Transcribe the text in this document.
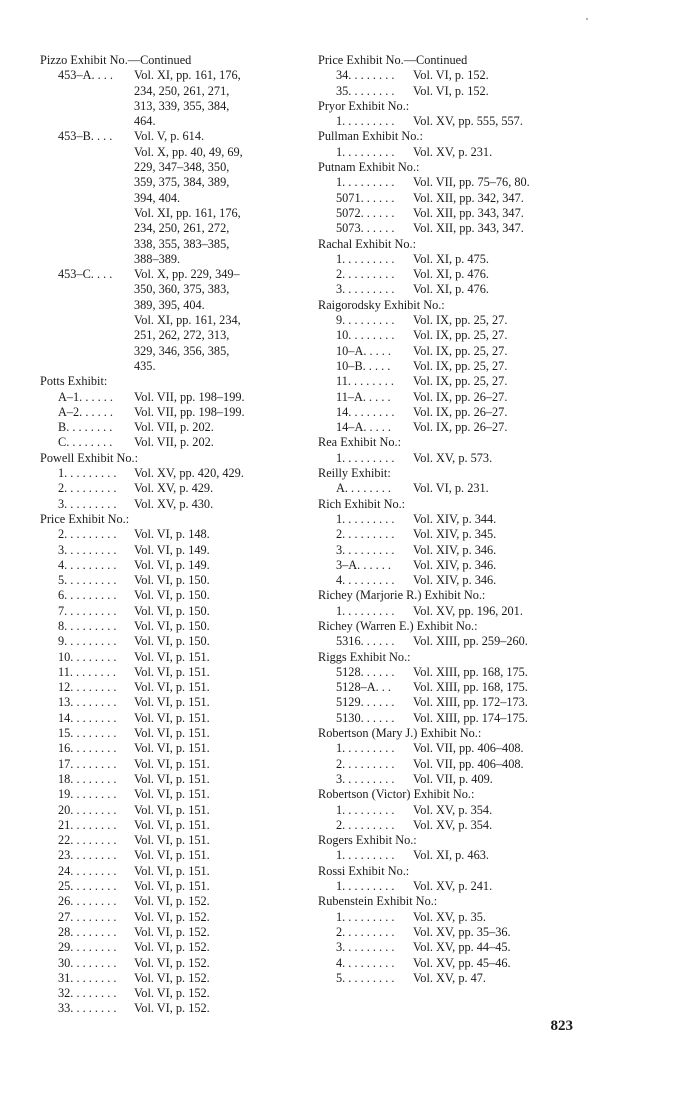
Pizzo Exhibit No.—Continued
453–A. . . .	Vol. XI, pp. 161, 176,
234, 250, 261, 271,
313, 339, 355, 384,
464.
453–B. . . .	Vol. V, p. 614.
Vol. X, pp. 40, 49, 69,
229, 347–348, 350,
359, 375, 384, 389,
394, 404.
Vol. XI, pp. 161, 176,
234, 250, 261, 272,
338, 355, 383–385,
388–389.
453–C. . . .	Vol. X, pp. 229, 349–
350, 360, 375, 383,
389, 395, 404.
Vol. XI, pp. 161, 234,
251, 262, 272, 313,
329, 346, 356, 385,
435.
Potts Exhibit:
A–1. . . . . .	Vol. VII, pp. 198–199.
A–2. . . . . .	Vol. VII, pp. 198–199.
B. . . . . . . .	Vol. VII, p. 202.
C. . . . . . . .	Vol. VII, p. 202.
Powell Exhibit No.:
1. . . . . . . . .	Vol. XV, pp. 420, 429.
2. . . . . . . . .	Vol. XV, p. 429.
3. . . . . . . . .	Vol. XV, p. 430.
Price Exhibit No.:
2. . . . . . . . .	Vol. VI, p. 148.
3. . . . . . . . .	Vol. VI, p. 149.
4. . . . . . . . .	Vol. VI, p. 149.
5. . . . . . . . .	Vol. VI, p. 150.
6. . . . . . . . .	Vol. VI, p. 150.
7. . . . . . . . .	Vol. VI, p. 150.
8. . . . . . . . .	Vol. VI, p. 150.
9. . . . . . . . .	Vol. VI, p. 150.
10. . . . . . . .	Vol. VI, p. 151.
11. . . . . . . .	Vol. VI, p. 151.
12. . . . . . . .	Vol. VI, p. 151.
13. . . . . . . .	Vol. VI, p. 151.
14. . . . . . . .	Vol. VI, p. 151.
15. . . . . . . .	Vol. VI, p. 151.
16. . . . . . . .	Vol. VI, p. 151.
17. . . . . . . .	Vol. VI, p. 151.
18. . . . . . . .	Vol. VI, p. 151.
19. . . . . . . .	Vol. VI, p. 151.
20. . . . . . . .	Vol. VI, p. 151.
21. . . . . . . .	Vol. VI, p. 151.
22. . . . . . . .	Vol. VI, p. 151.
23. . . . . . . .	Vol. VI, p. 151.
24. . . . . . . .	Vol. VI, p. 151.
25. . . . . . . .	Vol. VI, p. 151.
26. . . . . . . .	Vol. VI, p. 152.
27. . . . . . . .	Vol. VI, p. 152.
28. . . . . . . .	Vol. VI, p. 152.
29. . . . . . . .	Vol. VI, p. 152.
30. . . . . . . .	Vol. VI, p. 152.
31. . . . . . . .	Vol. VI, p. 152.
32. . . . . . . .	Vol. VI, p. 152.
33. . . . . . . .	Vol. VI, p. 152.
Price Exhibit No.—Continued
34. . . . . . . .	Vol. VI, p. 152.
35. . . . . . . .	Vol. VI, p. 152.
Pryor Exhibit No.:
1. . . . . . . . .	Vol. XV, pp. 555, 557.
Pullman Exhibit No.:
1. . . . . . . . .	Vol. XV, p. 231.
Putnam Exhibit No.:
1. . . . . . . . .	Vol. VII, pp. 75–76, 80.
5071. . . . . .	Vol. XII, pp. 342, 347.
5072. . . . . .	Vol. XII, pp. 343, 347.
5073. . . . . .	Vol. XII, pp. 343, 347.
Rachal Exhibit No.:
1. . . . . . . . .	Vol. XI, p. 475.
2. . . . . . . . .	Vol. XI, p. 476.
3. . . . . . . . .	Vol. XI, p. 476.
Raigorodsky Exhibit No.:
9. . . . . . . . .	Vol. IX, pp. 25, 27.
10. . . . . . . .	Vol. IX, pp. 25, 27.
10–A. . . . .	Vol. IX, pp. 25, 27.
10–B. . . . .	Vol. IX, pp. 25, 27.
11. . . . . . . .	Vol. IX, pp. 25, 27.
11–A. . . . .	Vol. IX, pp. 26–27.
14. . . . . . . .	Vol. IX, pp. 26–27.
14–A. . . . .	Vol. IX, pp. 26–27.
Rea Exhibit No.:
1. . . . . . . . .	Vol. XV, p. 573.
Reilly Exhibit:
A. . . . . . . .	Vol. VI, p. 231.
Rich Exhibit No.:
1. . . . . . . . .	Vol. XIV, p. 344.
2. . . . . . . . .	Vol. XIV, p. 345.
3. . . . . . . . .	Vol. XIV, p. 346.
3–A. . . . . .	Vol. XIV, p. 346.
4. . . . . . . . .	Vol. XIV, p. 346.
Richey (Marjorie R.) Exhibit No.:
1. . . . . . . . .	Vol. XV, pp. 196, 201.
Richey (Warren E.) Exhibit No.:
5316. . . . . .	Vol. XIII, pp. 259–260.
Riggs Exhibit No.:
5128. . . . . .	Vol. XIII, pp. 168, 175.
5128–A. . .	Vol. XIII, pp. 168, 175.
5129. . . . . .	Vol. XIII, pp. 172–173.
5130. . . . . .	Vol. XIII, pp. 174–175.
Robertson (Mary J.) Exhibit No.:
1. . . . . . . . .	Vol. VII, pp. 406–408.
2. . . . . . . . .	Vol. VII, pp. 406–408.
3. . . . . . . . .	Vol. VII, p. 409.
Robertson (Victor) Exhibit No.:
1. . . . . . . . .	Vol. XV, p. 354.
2. . . . . . . . .	Vol. XV, p. 354.
Rogers Exhibit No.:
1. . . . . . . . .	Vol. XI, p. 463.
Rossi Exhibit No.:
1. . . . . . . . .	Vol. XV, p. 241.
Rubenstein Exhibit No.:
1. . . . . . . . .	Vol. XV, p. 35.
2. . . . . . . . .	Vol. XV, pp. 35–36.
3. . . . . . . . .	Vol. XV, pp. 44–45.
4. . . . . . . . .	Vol. XV, pp. 45–46.
5. . . . . . . . .	Vol. XV, p. 47.
823
